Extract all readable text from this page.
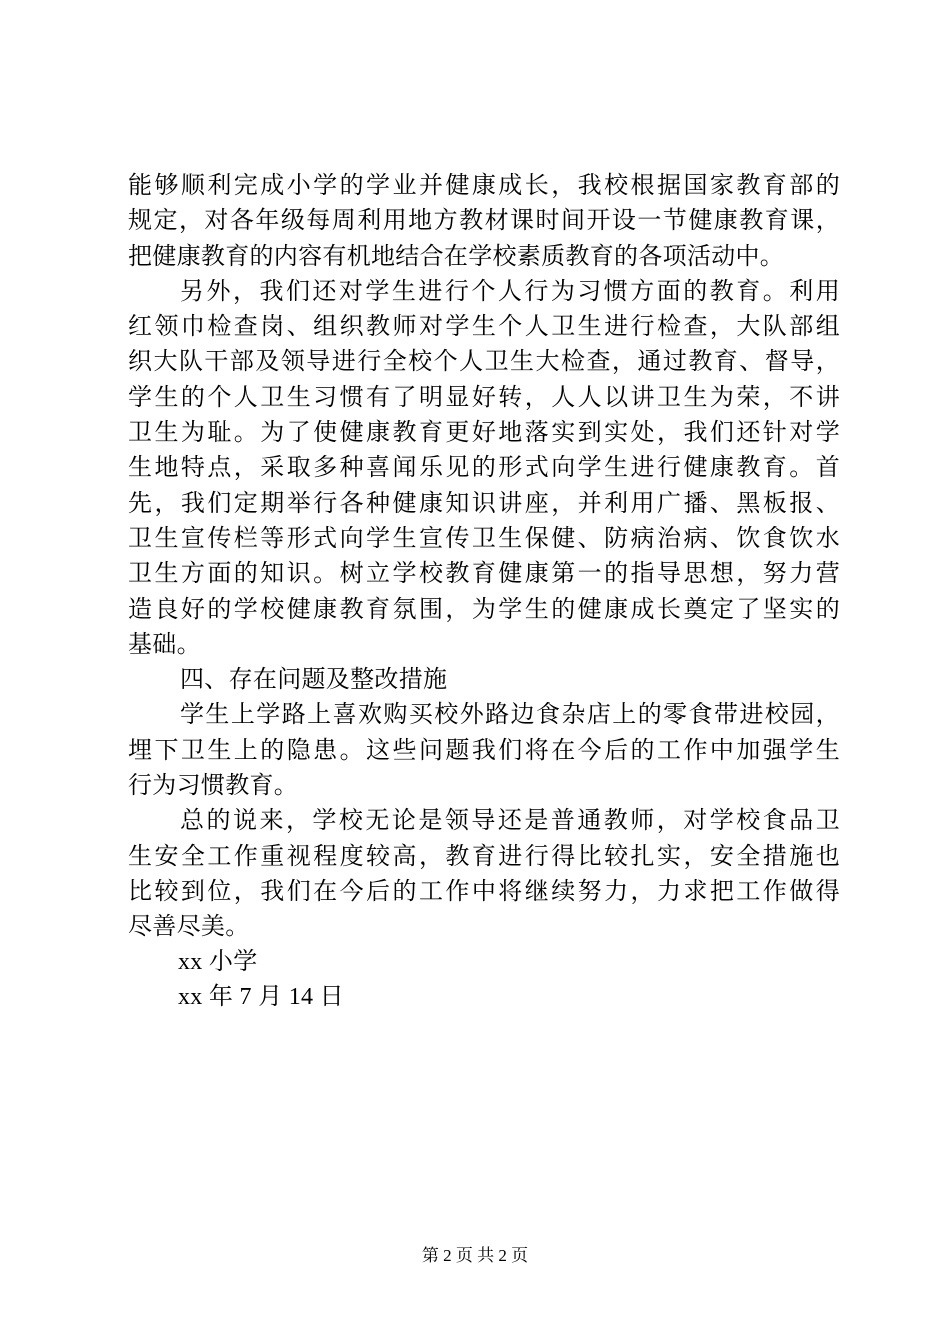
能够顺利完成小学的学业并健康成长，我校根据国家教育部的
规定，对各年级每周利用地方教材课时间开设一节健康教育课，
把健康教育的内容有机地结合在学校素质教育的各项活动中。
另外，我们还对学生进行个人行为习惯方面的教育。利用
红领巾检查岗、组织教师对学生个人卫生进行检查，大队部组
织大队干部及领导进行全校个人卫生大检查，通过教育、督导，
学生的个人卫生习惯有了明显好转，人人以讲卫生为荣，不讲
卫生为耻。为了使健康教育更好地落实到实处，我们还针对学
生地特点，采取多种喜闻乐见的形式向学生进行健康教育。首
先，我们定期举行各种健康知识讲座，并利用广播、黑板报、
卫生宣传栏等形式向学生宣传卫生保健、防病治病、饮食饮水
卫生方面的知识。树立学校教育健康第一的指导思想，努力营
造良好的学校健康教育氛围，为学生的健康成长奠定了坚实的
基础。
四、存在问题及整改措施
学生上学路上喜欢购买校外路边食杂店上的零食带进校园，
埋下卫生上的隐患。这些问题我们将在今后的工作中加强学生
行为习惯教育。
总的说来，学校无论是领导还是普通教师，对学校食品卫
生安全工作重视程度较高，教育进行得比较扎实，安全措施也
比较到位，我们在今后的工作中将继续努力，力求把工作做得
尽善尽美。
xx 小学
xx 年 7 月 14 日
第 2 页 共 2 页
